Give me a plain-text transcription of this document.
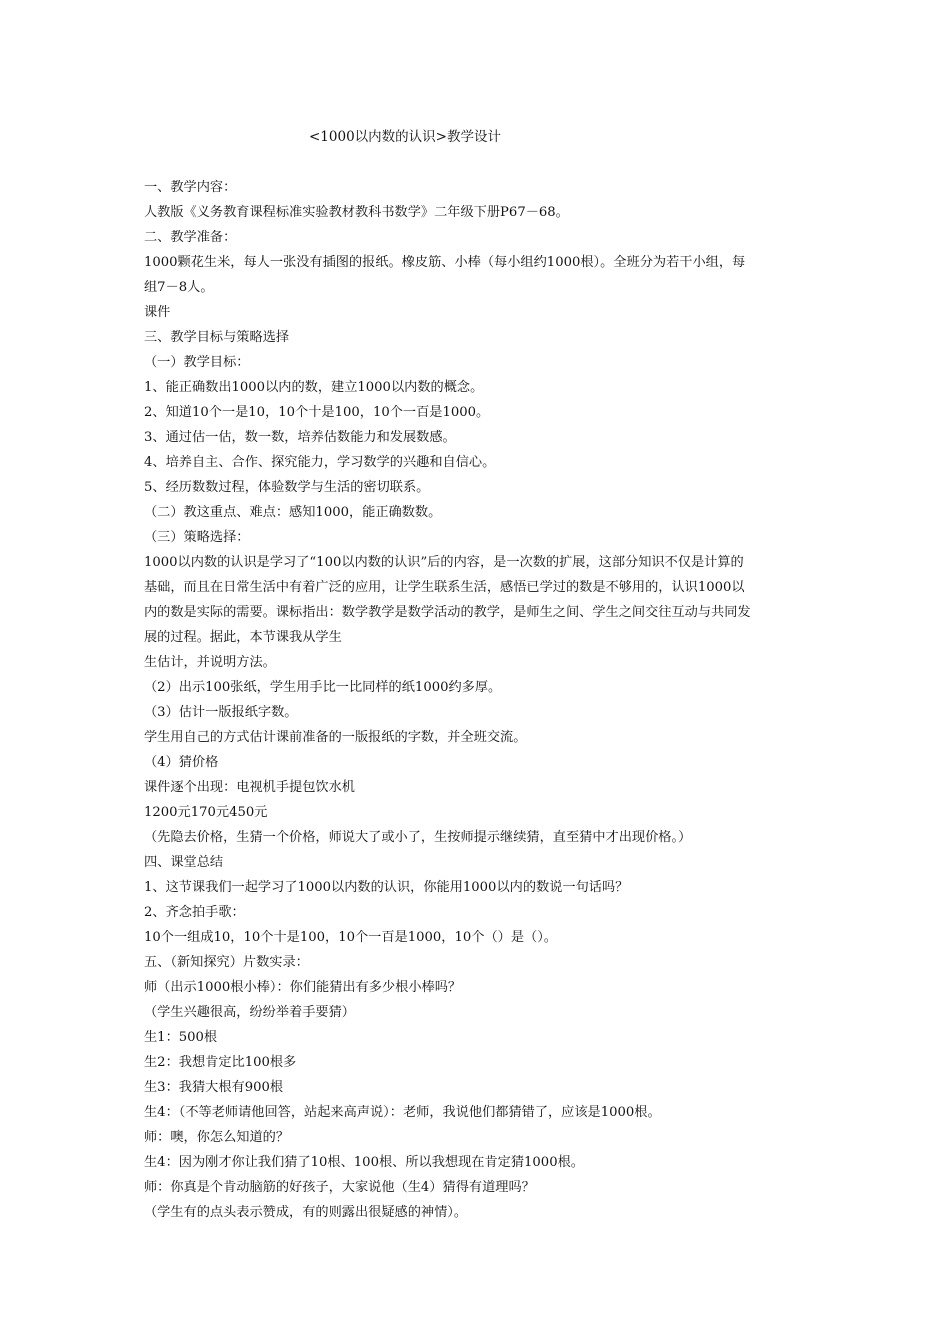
<1000以内数的认识>教学设计
一、教学内容：
人教版《义务教育课程标准实验教材教科书数学》二年级下册P67－68。
二、教学准备：
1000颗花生米，每人一张没有插图的报纸。橡皮筋、小棒（每小组约1000根）。全班分为若干小组，每
组7－8人。
课件
三、教学目标与策略选择
（一）教学目标：
1、能正确数出1000以内的数，建立1000以内数的概念。
2、知道10个一是10，10个十是100，10个一百是1000。
3、通过估一估，数一数，培养估数能力和发展数感。
4、培养自主、合作、探究能力，学习数学的兴趣和自信心。
5、经历数数过程，体验数学与生活的密切联系。
（二）教这重点、难点：感知1000，能正确数数。
（三）策略选择：
1000以内数的认识是学习了“100以内数的认识”后的内容，是一次数的扩展，这部分知识不仅是计算的
基础，而且在日常生活中有着广泛的应用，让学生联系生活，感悟已学过的数是不够用的，认识1000以
内的数是实际的需要。课标指出：数学教学是数学活动的教学，是师生之间、学生之间交往互动与共同发
展的过程。据此，本节课我从学生
生估计，并说明方法。
（2）出示100张纸，学生用手比一比同样的纸1000约多厚。
（3）估计一版报纸字数。
学生用自己的方式估计课前准备的一版报纸的字数，并全班交流。
（4）猜价格
课件逐个出现：电视机手提包饮水机
1200元170元450元
（先隐去价格，生猜一个价格，师说大了或小了，生按师提示继续猜，直至猜中才出现价格。）
四、课堂总结
1、这节课我们一起学习了1000以内数的认识，你能用1000以内的数说一句话吗？
2、齐念拍手歌：
10个一组成10，10个十是100，10个一百是1000，10个（）是（）。
五、（新知探究）片数实录：
师（出示1000根小棒）：你们能猜出有多少根小棒吗？
（学生兴趣很高，纷纷举着手要猜）
生1：500根
生2：我想肯定比100根多
生3：我猜大根有900根
生4：（不等老师请他回答，站起来高声说）：老师，我说他们都猜错了，应该是1000根。
师：噢，你怎么知道的？
生4：因为刚才你让我们猜了10根、100根、所以我想现在肯定猜1000根。
师：你真是个肯动脑筋的好孩子，大家说他（生4）猜得有道理吗？
（学生有的点头表示赞成，有的则露出很疑感的神情）。
